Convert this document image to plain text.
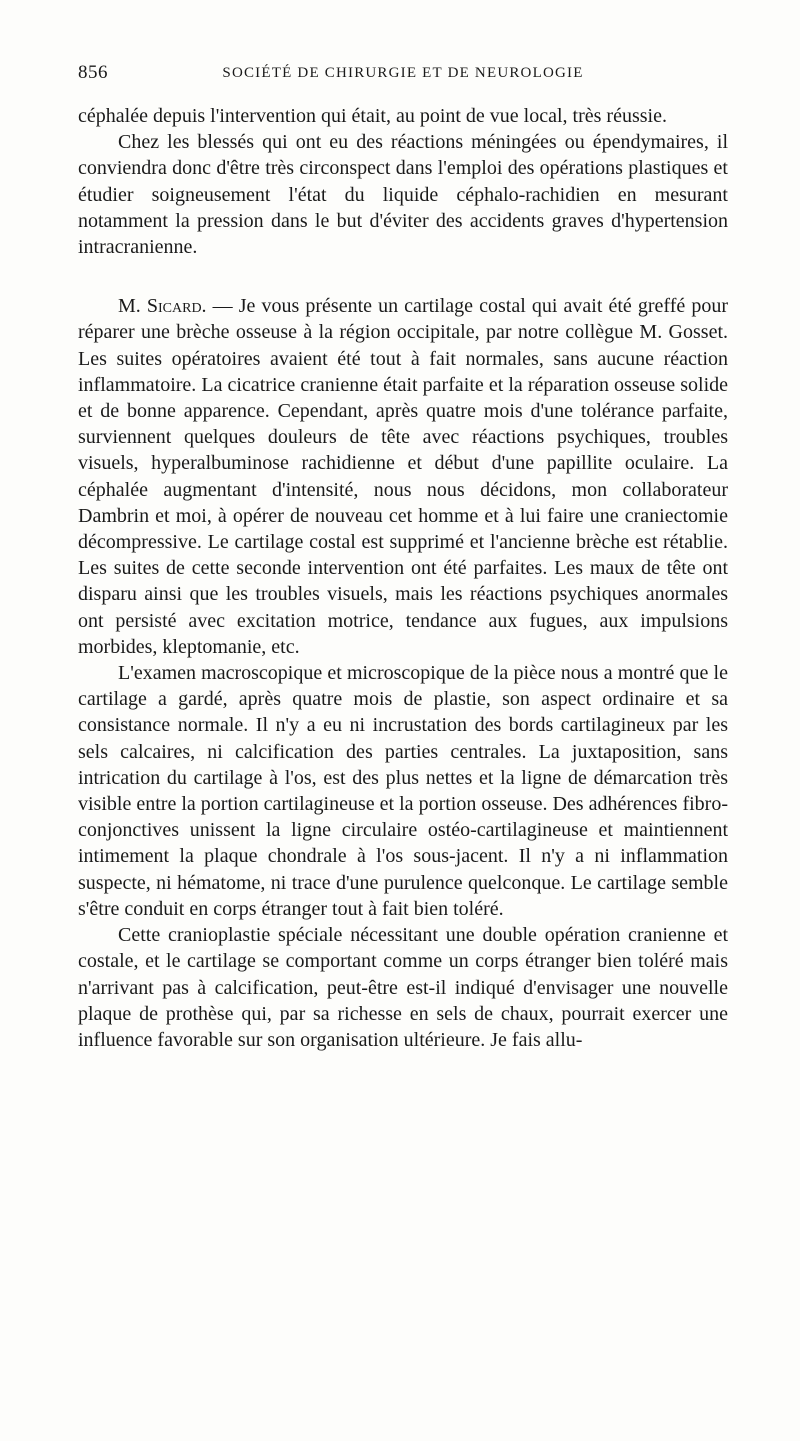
856	SOCIÉTÉ DE CHIRURGIE ET DE NEUROLOGIE

céphalée depuis l'intervention qui était, au point de vue local, très réussie.

Chez les blessés qui ont eu des réactions méningées ou épendymaires, il conviendra donc d'être très circonspect dans l'emploi des opérations plastiques et étudier soigneusement l'état du liquide céphalo-rachidien en mesurant notamment la pression dans le but d'éviter des accidents graves d'hypertension intracranienne.

M. Sicard. — Je vous présente un cartilage costal qui avait été greffé pour réparer une brèche osseuse à la région occipitale, par notre collègue M. Gosset. Les suites opératoires avaient été tout à fait normales, sans aucune réaction inflammatoire. La cicatrice cranienne était parfaite et la réparation osseuse solide et de bonne apparence. Cependant, après quatre mois d'une tolérance parfaite, surviennent quelques douleurs de tête avec réactions psychiques, troubles visuels, hyperalbuminose rachidienne et début d'une papillite oculaire. La céphalée augmentant d'intensité, nous nous décidons, mon collaborateur Dambrin et moi, à opérer de nouveau cet homme et à lui faire une craniectomie décompressive. Le cartilage costal est supprimé et l'ancienne brèche est rétablie. Les suites de cette seconde intervention ont été parfaites. Les maux de tête ont disparu ainsi que les troubles visuels, mais les réactions psychiques anormales ont persisté avec excitation motrice, tendance aux fugues, aux impulsions morbides, kleptomanie, etc.

L'examen macroscopique et microscopique de la pièce nous a montré que le cartilage a gardé, après quatre mois de plastie, son aspect ordinaire et sa consistance normale. Il n'y a eu ni incrustation des bords cartilagineux par les sels calcaires, ni calcification des parties centrales. La juxtaposition, sans intrication du cartilage à l'os, est des plus nettes et la ligne de démarcation très visible entre la portion cartilagineuse et la portion osseuse. Des adhérences fibro-conjonctives unissent la ligne circulaire ostéo-cartilagineuse et maintiennent intimement la plaque chondrale à l'os sous-jacent. Il n'y a ni inflammation suspecte, ni hématome, ni trace d'une purulence quelconque. Le cartilage semble s'être conduit en corps étranger tout à fait bien toléré.

Cette cranioplastie spéciale nécessitant une double opération cranienne et costale, et le cartilage se comportant comme un corps étranger bien toléré mais n'arrivant pas à calcification, peut-être est-il indiqué d'envisager une nouvelle plaque de prothèse qui, par sa richesse en sels de chaux, pourrait exercer une influence favorable sur son organisation ultérieure. Je fais allu-
